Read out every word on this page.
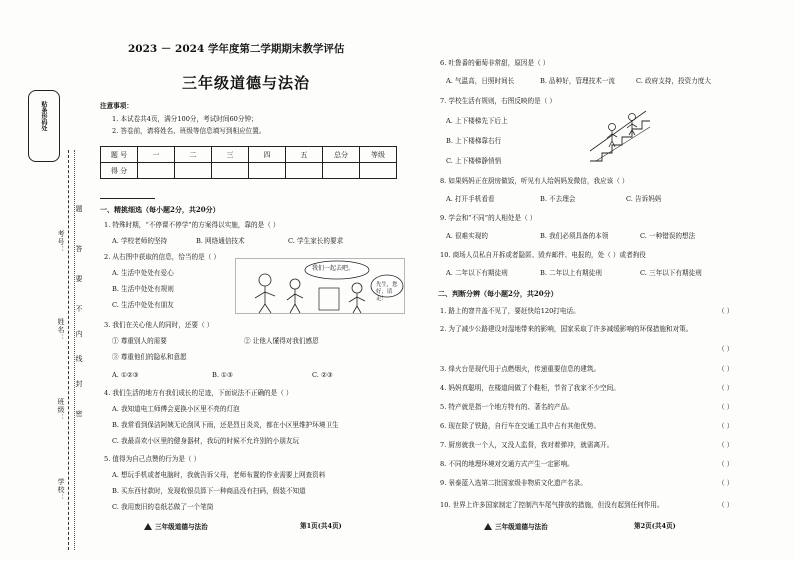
贴条形码处
考号：
姓名：
班级：
学校：
题
答
要
不
内
线
封
密
2023 － 2024 学年度第二学期期末教学评估
三年级道德与法治
注意事项：
1. 本试卷共4页，满分100分，考试时间60分钟；
2. 答卷前，请将姓名、班级等信息填写到相应位置。
题 号	一	二	三	四	五	总分	等级
得 分							
一、精挑细选（每小题2分，共20分）
1. 特殊时期，“不停课不停学”的方案得以实施，靠的是（ ）
A. 学校老师的坚持	B. 网络通信技术	C. 学生家长的要求
2. 从右图中获取的信息，恰当的是（ ）
A. 生活中处处有爱心
B. 生活中处处有规则
C. 生活中处处有朋友
我们一起去吧。
先生，您好，请走！
3. 我们在关心他人的同时，还要（ ）
① 尊重别人的需要	② 让他人懂得对我们感恩
③ 尊重他们的隐私和意愿
A. ①②③	B. ①③	C. ②③
4. 我们生活的地方有我们成长的足迹，下面说法不正确的是（ ）
A. 我知道电工师傅会更换小区里不亮的灯泡
B. 我常看到保洁阿姨无论刮风下雨，还是烈日炎炎，都在小区里维护环境卫生
C. 我最喜欢小区里的健身器材，我玩的时候不允许别的小朋友玩
5. 值得为自己点赞的行为是（ ）
A. 想玩手机或者电脑时，我就告诉父母，老师布置的作业需要上网查资料
B. 买东西付款时，发现收银员算下一种商品没有扫码，假装不知道
C. 我用废旧的卷纸芯做了一个笔筒
三年级道德与法治	第1页(共4页)
6. 吐鲁番的葡萄非常甜，原因是（ ）
A. 气温高，日照时间长	B. 品种好，管理技术一流	C. 政府支持，投资力度大
7. 学校生活有规则，右图反映的是（ ）
A. 上下楼梯先下后上
B. 上下楼梯靠右行
C. 上下楼梯静悄悄
8. 如果妈妈正在厨房做饭，听见有人给妈妈发微信，我应该（ ）
A. 打开手机看看	B. 不去理会	C. 告诉妈妈
9. 学会和“不同”的人相处是（ ）
A. 很难实现的	B. 我们必须具备的本领	C. 一种错误的想法
10. 商场人员私自开拆或者隐匿、毁弃邮件、电报的，处（ ）或者拘役
A. 二年以下有期徒刑	B. 二年以上有期徒刑	C. 三年以下有期徒刑
二、判断分辨（每小题2分，共20分）
1. 路上的窨井盖不见了，要赶快给120打电话。	（ ）
2. 为了减少公路建设对湿地带来的影响，国家采取了许多减缓影响的环保措施和对策。
（ ）
3. 烽火台是现代用于点燃烟火，传递重要信息的建筑。	（ ）
4. 妈妈真聪明，在楼道间做了个鞋柜，节省了我家不少空间。	（ ）
5. 特产就是指一个地方特有的、著名的产品。	（ ）
6. 现在除了铁路，自行车在交通工具中占有其他优势。	（ ）
7. 厨房就我一个人，又没人监督，我对着弹冲，就需离开。	（ ）
8. 不同的地理环境对交通方式产生一定影响。	（ ）
9. 景泰蓝入选第二批国家级非物质文化遗产名录。	（ ）
10. 世界上许多国家制定了控制汽车尾气排放的措施，但没有起到任何作用。	（ ）
三年级道德与法治	第2页(共4页)
